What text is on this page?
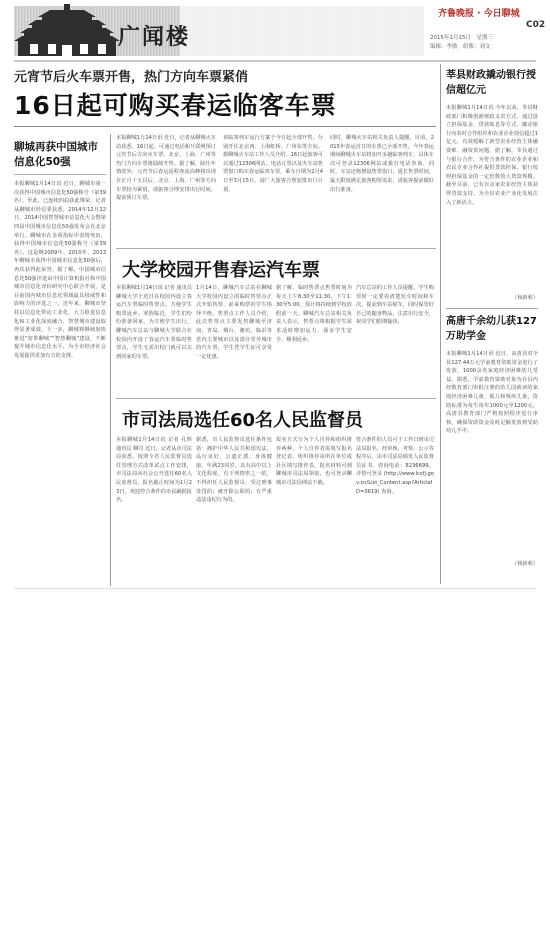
广闻楼
齐鲁晚报 · 今日聊城
C02
2015年1月15日　星期三
编辑：李敏　组版：刘文
元宵节后火车票开售，热门方向车票紧俏
16日起可购买春运临客车票
聊城再获中国城市信息化50强
本报聊城1月14日讯 近日，聊城市第一次获得中国城市信息化50强称号（第39名）。至此，已连续四届获此殊荣。记者从聊城市经信委获悉，2014年12月22日，2014中国智慧城市信息化大会暨第四届中国城市信息化50强发布会在北京举行。聊城市在多项指标中表现突出，获得中国城市信息化50强称号（第39名）。这是继2009年、2010年、2013年聊城市获得中国城市信息化50强后，再次获得此荣誉。据了解，中国城市信息化50强评选由中国计算机报社和中国城市信息化评价研究中心联合开展，是目前国内城市信息化领域最具权威性和影响力的评选之一。近年来，聊城市坚持以信息化带动工业化，大力推进信息化和工业化深度融合，智慧城市建设取得显著成效。下一步，聊城将继续加快推进“宽带聊城”“智慧聊城”建设，不断提升城市信息化水平，为全市经济社会发展提供更加有力的支撑。
本报聊城1月14日讯 近日，记者从聊城火车站获悉，16日起，可通过电话和互联网预订元宵节后方向火车票，北京、上海、广州等热门方向车票将陆续开售。据了解，除往年情况外，元宵节后春运返程客流高峰将出现在正月十五以后，北京、上海、广州等方向车票较为紧俏，请旅客合理安排出行时间，提前预订车票。
该临客列车运行方案于今日起全部开售，分别开往北京西、上海虹桥、广州东等方向。据聊城火车站工作人员介绍，16日起旅客可以通过12306网站、电话订票以及火车站售票窗口购买春运临客车票，乘车日期为2月4日至3月15日，请广大旅客合理安排出行计划。
同时，聊城火车站相关负责人提醒，目前，2015年春运首日的车票已全部开售，今年春运期间聊城火车站将加开多趟临客列车，具体车次可登录12306网站或拨打电话查询，同时，车站还将增设售票窗口，延长售票时间，最大限度满足旅客购票需求，请旅客提前做好出行准备。
大学校园开售春运汽车票
本报聊城1月14日讯 记者 通讯员 聊城大学于近日在校园内设立春运汽车票临时售票点，方便学生购票返乡。寒假临近，学生们纷纷准备回家，为方便学生出行，聊城汽车总站与聊城大学联合在校园内开设了春运汽车票临时售票点，学生无需出校门就可以买到回家的车票。
1月14日，聊城汽车总站在聊城大学校园内设立的临时售票点正式开始售票，前来购票的学生络绎不绝。售票点工作人员介绍，此次售票点主要发售聊城至济南、青岛、烟台、潍坊、临沂等省内主要城市以及部分省外城市的汽车票，学生凭学生证可享受一定优惠。
据了解，临时售票点售票时间为每天上午8:30至11:30，下午1:30至5:00，预计将持续到学校放假前一天。聊城汽车总站相关负责人表示，售票点将根据学生需求适时增加运力，保证学生安全、顺利返乡。
汽车总站的工作人员提醒，学生购票时一定要看清楚发车时间和车次，提前到车站候车，同时保管好自己的随身物品，注意出行安全，祝同学们假期愉快。
市司法局选任60名人民监督员
本报聊城1月14日讯 记者 孔辉 通讯员 聊司 近日，记者从市司法局获悉，按照全省人民监督员选任管理方式改革试点工作安排，市司法局向社会公开选任60名人民监督员，报名截止时间为1月23日，欢迎符合条件的市民踊跃报名。
据悉，市人民监督员选任条件包括：拥护中华人民共和国宪法，品行良好、公道正派，身体健康，年满23周岁，具有高中以上文化程度。有下列情形之一的，不得担任人民监督员：受过刑事处罚的；被开除公职的；有严重违法违纪行为的。
报名方式分为个人自荐和组织推荐两种。个人自荐者需填写报名登记表，组织推荐由所在单位或社区填写推荐表，报名材料可到聊城市司法局领取，也可登录聊城市司法局网站下载。
符合条件的人员可于工作日到市司法局报名，经审核、考察、公示等程序后，由市司法局颁发人民监督员证书。咨询电话：8236699。详情可登录 (http://www.lcsfj.gov.cn/List_Content.asp?ArticleID=3619) 查询。
莘县财政撬动银行授信超亿元
本报聊城1月14日讯 今年以来，莘县财政部门积极创新财政支农方式，通过设立担保基金、贷款贴息等方式，撬动银行向农村合作组织和农业企业授信超过1亿元，有效缓解了新型农业经营主体融资难、融资贵问题。据了解，莘县通过与银行合作，为符合条件的农业企业和农民专业合作社提供贷款担保，银行按照担保基金的一定倍数放大贷款规模。截至目前，已有百余家农业经营主体获得贷款支持，为全县农业产业化发展注入了新活力。
（杨新莉）
高唐千余幼儿获127万助学金
本报聊城1月14日讯 近日，高唐县对全县127.44万元学前教育资助资金进行了发放，1000余名家庭经济困难幼儿受益。据悉，学前教育资助对象为在县内经教育部门审批注册的幼儿园就读的家庭经济困难儿童、孤儿和残疾儿童，资助标准为每生每年1000元至1200元。高唐县教育部门严格按照程序进行审核，确保资助资金及时足额发放到受助幼儿手中。
（杨新莉）
